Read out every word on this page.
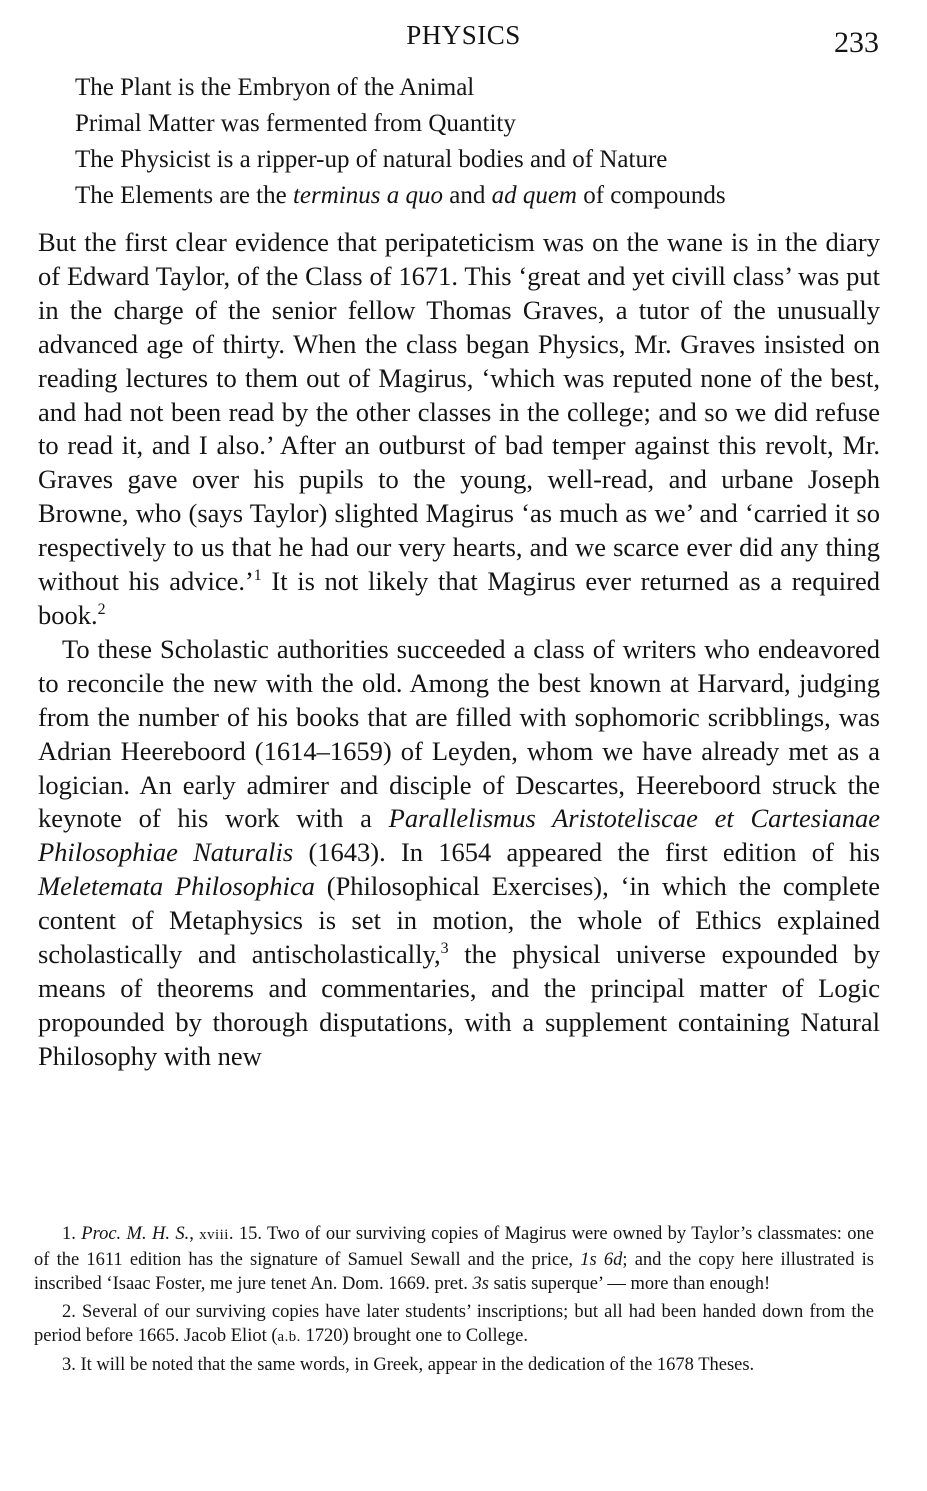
PHYSICS	233
The Plant is the Embryon of the Animal
Primal Matter was fermented from Quantity
The Physicist is a ripper-up of natural bodies and of Nature
The Elements are the terminus a quo and ad quem of compounds

But the first clear evidence that peripateticism was on the wane is in the diary of Edward Taylor, of the Class of 1671. This ‘great and yet civill class’ was put in the charge of the senior fellow Thomas Graves, a tutor of the unusually advanced age of thirty. When the class began Physics, Mr. Graves insisted on reading lectures to them out of Magirus, ‘which was reputed none of the best, and had not been read by the other classes in the college; and so we did refuse to read it, and I also.’ After an outburst of bad temper against this revolt, Mr. Graves gave over his pupils to the young, well-read, and urbane Joseph Browne, who (says Taylor) slighted Magirus ‘as much as we’ and ‘carried it so respectively to us that he had our very hearts, and we scarce ever did any thing without his advice.’$^1$ It is not likely that Magirus ever returned as a required book.$^2$

To these Scholastic authorities succeeded a class of writers who endeavored to reconcile the new with the old. Among the best known at Harvard, judging from the number of his books that are filled with sophomoric scribblings, was Adrian Heereboord (1614–1659) of Leyden, whom we have already met as a logician. An early admirer and disciple of Descartes, Heereboord struck the keynote of his work with a Parallelismus Aristoteliscae et Cartesianae Philosophiae Naturalis (1643). In 1654 appeared the first edition of his Meletemata Philosophica (Philosophical Exercises), ‘in which the complete content of Metaphysics is set in motion, the whole of Ethics explained scholastically and antischolastically,$^3$ the physical universe expounded by means of theorems and commentaries, and the principal matter of Logic propounded by thorough disputations, with a supplement containing Natural Philosophy with new

1. Proc. M. H. S., xviii. 15. Two of our surviving copies of Magirus were owned by Taylor’s classmates: one of the 1611 edition has the signature of Samuel Sewall and the price, 1s 6d; and the copy here illustrated is inscribed ‘Isaac Foster, me jure tenet An. Dom. 1669. pret. 3s satis superque’ — more than enough!

2. Several of our surviving copies have later students’ inscriptions; but all had been handed down from the period before 1665. Jacob Eliot (a.b. 1720) brought one to College.

3. It will be noted that the same words, in Greek, appear in the dedication of the 1678 Theses.
